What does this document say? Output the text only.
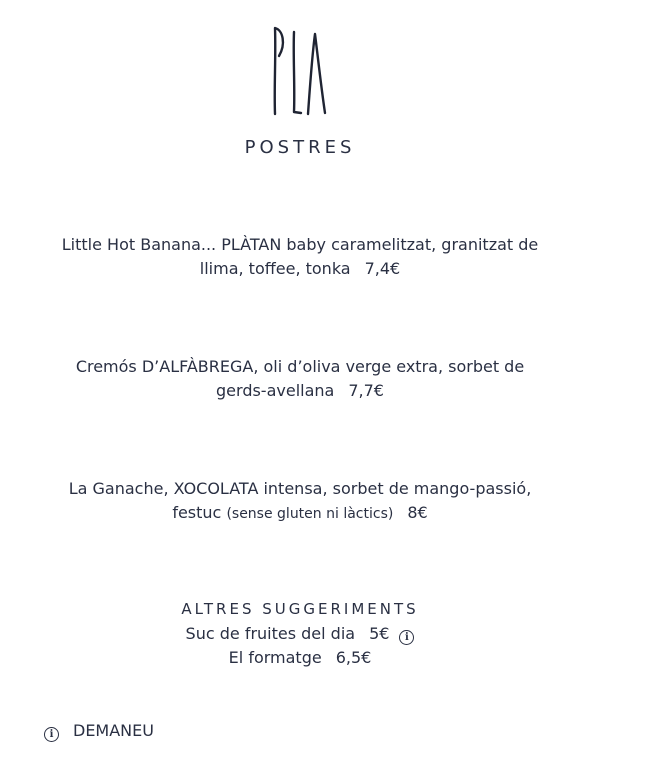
POSTRES
Little Hot Banana... PLÀTAN baby caramelitzat, granitzat de
llima, toffee, tonka 7,4€
Cremós D’ALFÀBREGA, oli d’oliva verge extra, sorbet de
gerds-avellana 7,7€
La Ganache, XOCOLATA intensa, sorbet de mango-passió,
festuc (sense gluten ni làctics) 8€
ALTRES SUGGERIMENTS
Suc de fruites del dia 5€ i
El formatge 6,5€
i DEMANEU
